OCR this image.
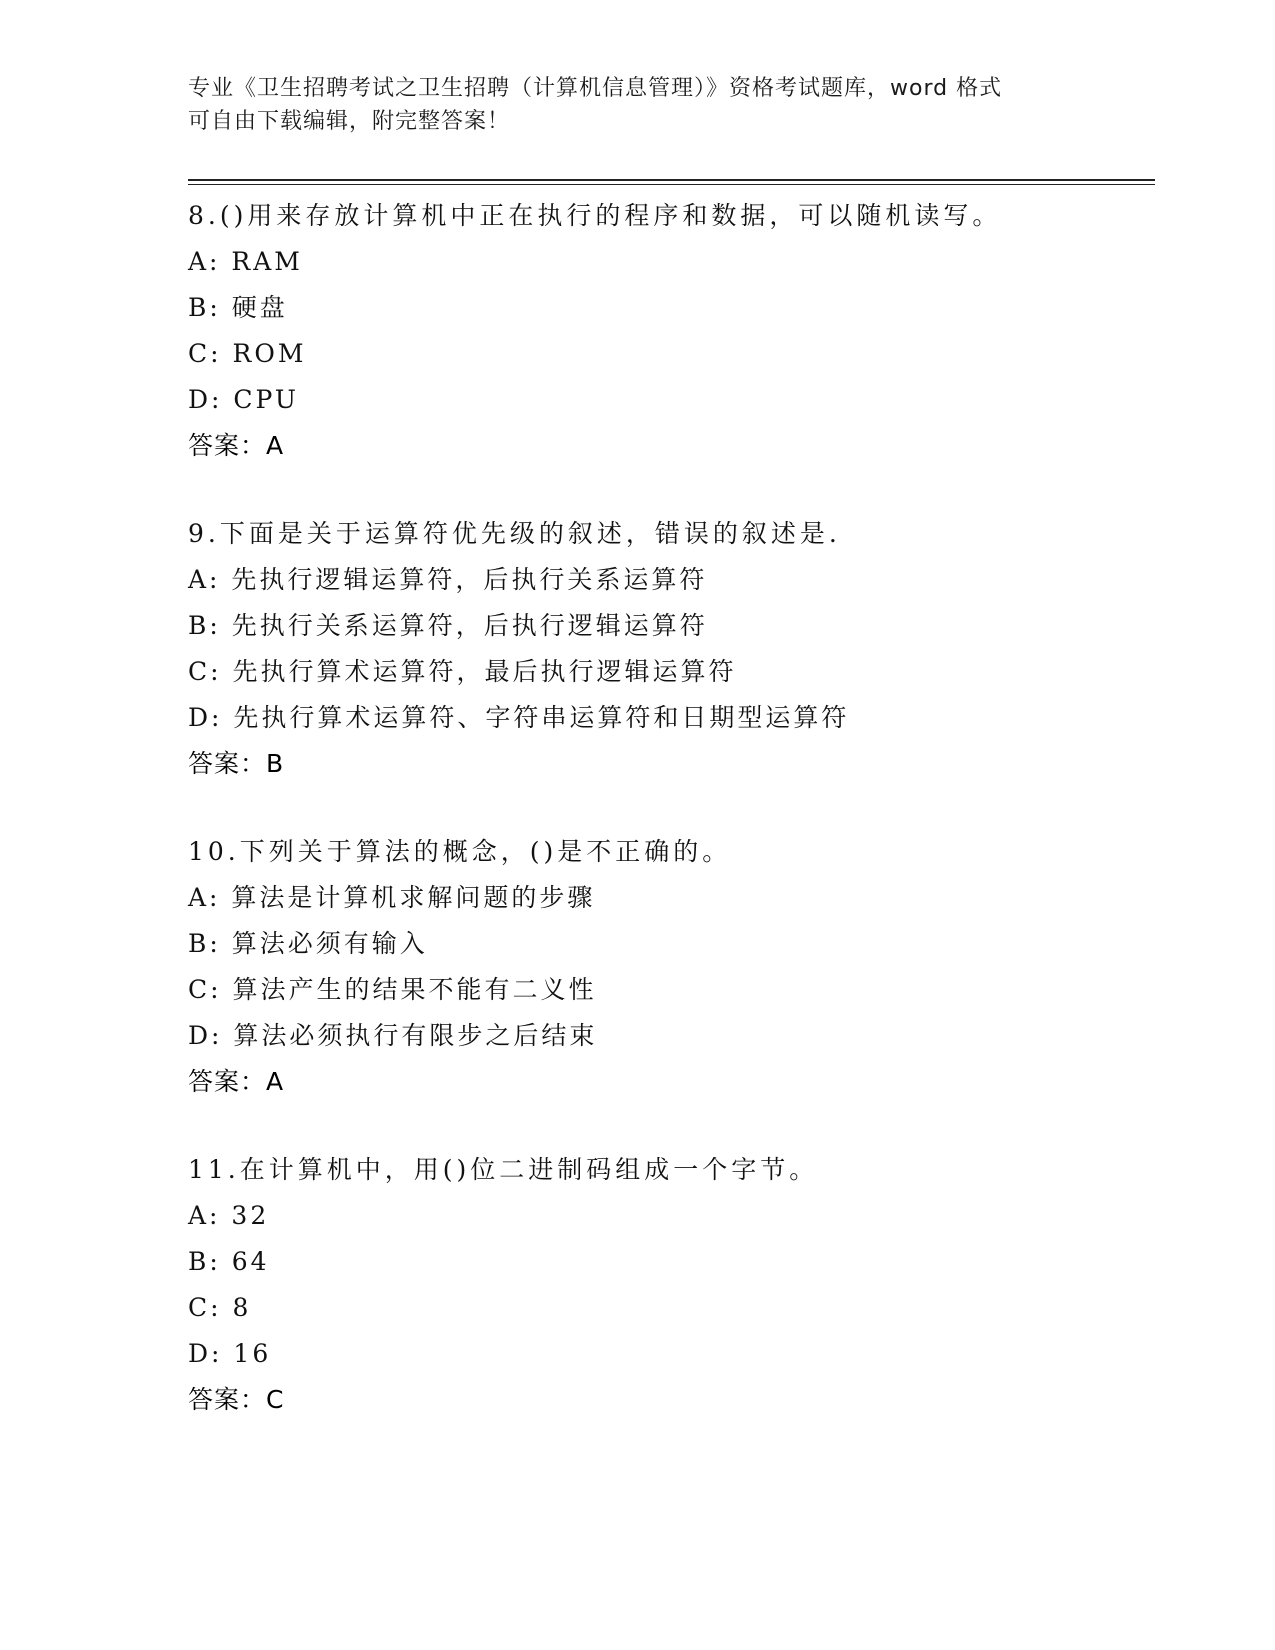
专业《卫生招聘考试之卫生招聘（计算机信息管理）》资格考试题库，word 格式
可自由下载编辑，附完整答案！
8.()用来存放计算机中正在执行的程序和数据，可以随机读写。
A: RAM
B: 硬盘
C: ROM
D: CPU
答案：A
9.下面是关于运算符优先级的叙述，错误的叙述是.
A: 先执行逻辑运算符，后执行关系运算符
B: 先执行关系运算符，后执行逻辑运算符
C: 先执行算术运算符，最后执行逻辑运算符
D: 先执行算术运算符、字符串运算符和日期型运算符
答案：B
10.下列关于算法的概念，()是不正确的。
A: 算法是计算机求解问题的步骤
B: 算法必须有输入
C: 算法产生的结果不能有二义性
D: 算法必须执行有限步之后结束
答案：A
11.在计算机中，用()位二进制码组成一个字节。
A: 32
B: 64
C: 8
D: 16
答案：C
